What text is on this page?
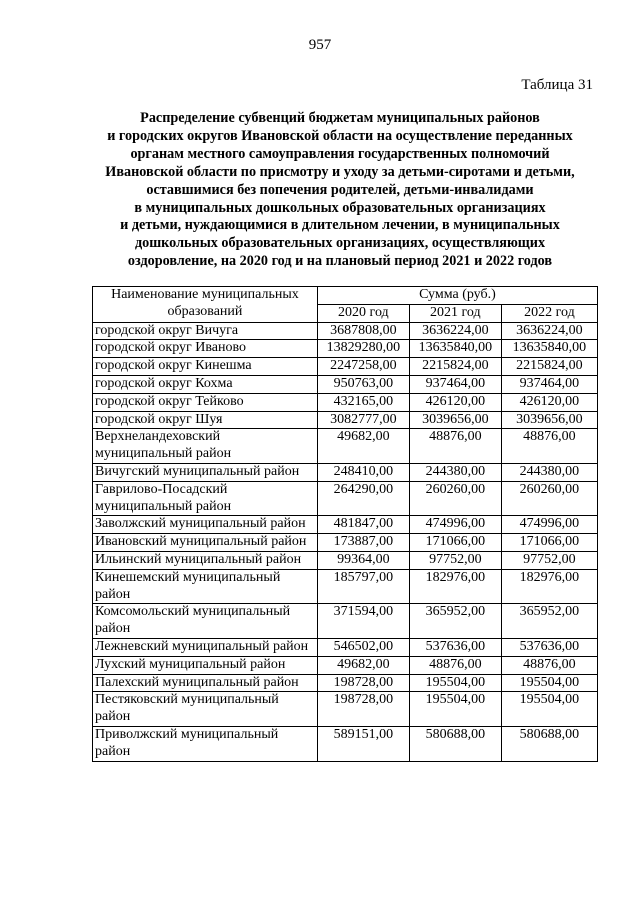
957
Таблица 31
Распределение субвенций бюджетам муниципальных районов
и городских округов Ивановской области на осуществление переданных
органам местного самоуправления государственных полномочий
Ивановской области по присмотру и уходу за детьми-сиротами и детьми,
оставшимися без попечения родителей, детьми-инвалидами
в муниципальных дошкольных образовательных организациях
и детьми, нуждающимися в длительном лечении, в муниципальных
дошкольных образовательных организациях, осуществляющих
оздоровление, на 2020 год и на плановый период 2021 и 2022 годов
Наименование муниципальных образований	Сумма (руб.)		
	2020 год	2021 год	2022 год
городской округ Вичуга	3687808,00	3636224,00	3636224,00
городской округ Иваново	13829280,00	13635840,00	13635840,00
городской округ Кинешма	2247258,00	2215824,00	2215824,00
городской округ Кохма	950763,00	937464,00	937464,00
городской округ Тейково	432165,00	426120,00	426120,00
городской округ Шуя	3082777,00	3039656,00	3039656,00
Верхнеландеховский муниципальный район	49682,00	48876,00	48876,00
Вичугский муниципальный район	248410,00	244380,00	244380,00
Гаврилово-Посадский муниципальный район	264290,00	260260,00	260260,00
Заволжский муниципальный район	481847,00	474996,00	474996,00
Ивановский муниципальный район	173887,00	171066,00	171066,00
Ильинский муниципальный район	99364,00	97752,00	97752,00
Кинешемский муниципальный район	185797,00	182976,00	182976,00
Комсомольский муниципальный район	371594,00	365952,00	365952,00
Лежневский муниципальный район	546502,00	537636,00	537636,00
Лухский муниципальный район	49682,00	48876,00	48876,00
Палехский муниципальный район	198728,00	195504,00	195504,00
Пестяковский муниципальный район	198728,00	195504,00	195504,00
Приволжский муниципальный район	589151,00	580688,00	580688,00
